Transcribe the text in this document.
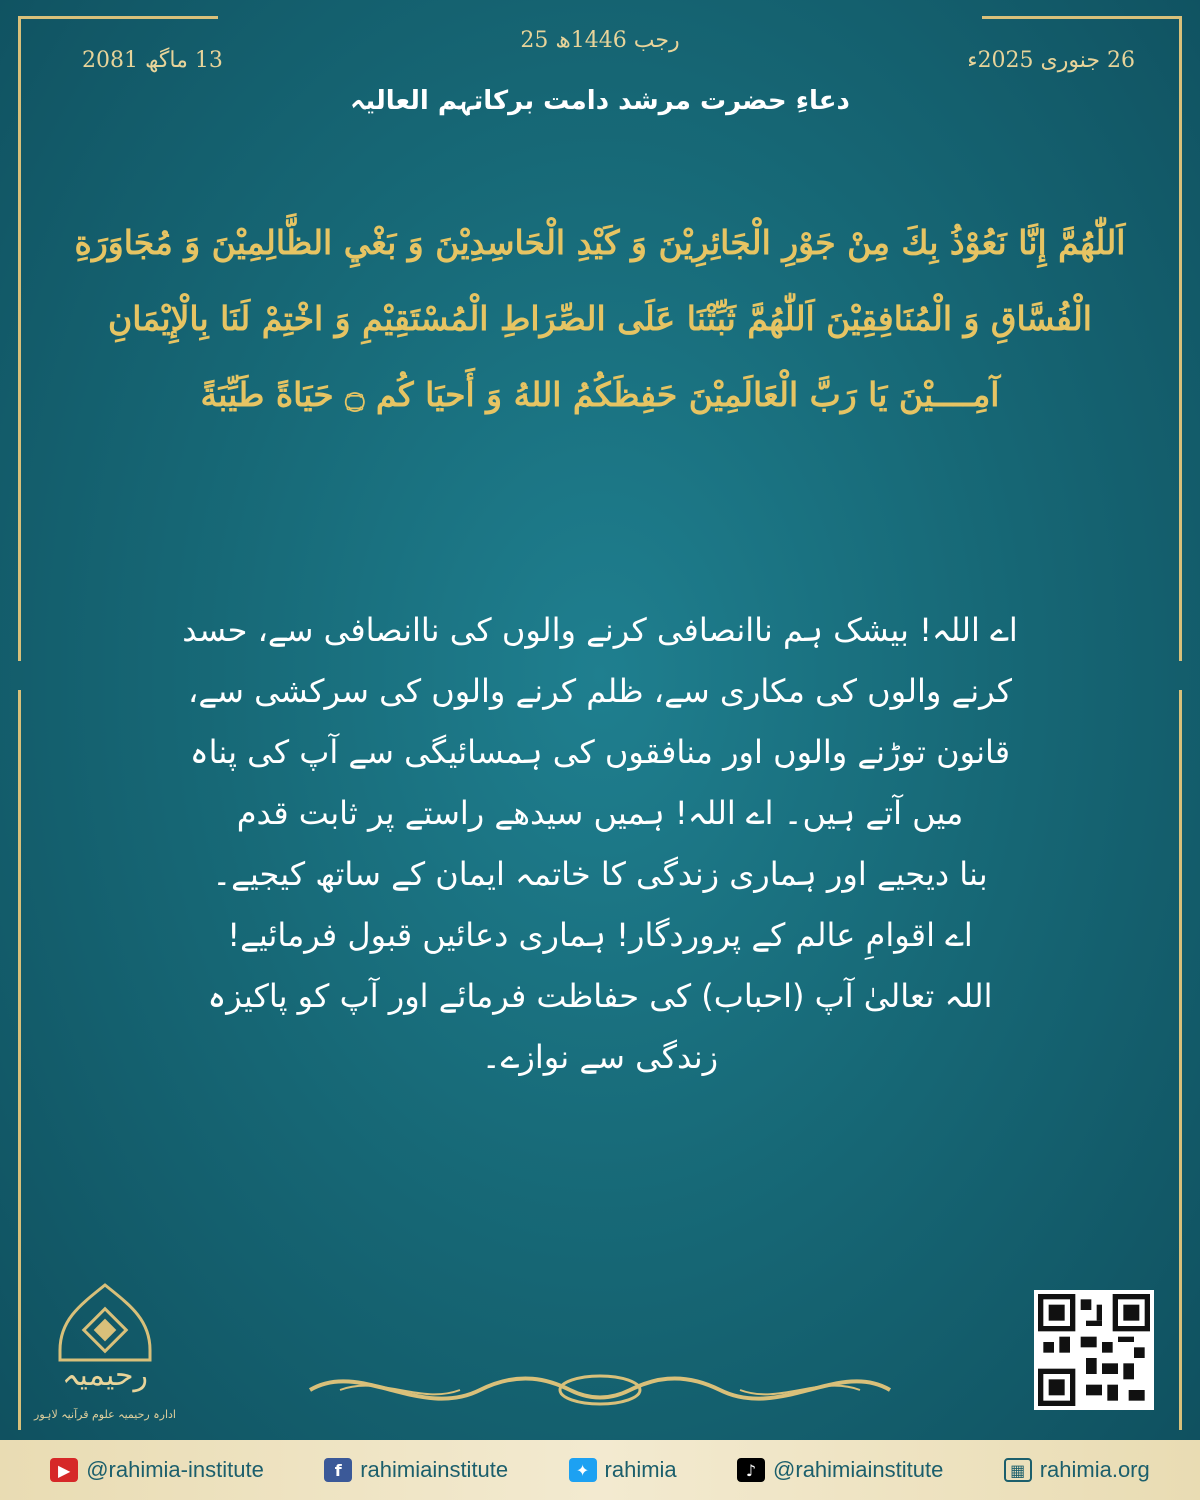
25 رجب 1446ھ
26 جنوری 2025ء
13 ماگھ 2081
دعاءِ حضرت مرشد دامت برکاتہم العالیہ
اَللّٰهُمَّ إِنَّا نَعُوْذُ بِكَ مِنْ جَوْرِ الْجَائِرِيْنَ وَ كَيْدِ الْحَاسِدِيْنَ وَ بَغْيِ الظَّالِمِيْنَ وَ مُجَاوَرَةِ الْفُسَّاقِ وَ الْمُنَافِقِيْنَ اَللّٰهُمَّ ثَبِّتْنَا عَلَى الصِّرَاطِ الْمُسْتَقِيْمِ وَ اخْتِمْ لَنَا بِالْإِيْمَانِ آمِــــيْنَ يَا رَبَّ الْعَالَمِيْنَ حَفِظَكُمُ اللهُ وَ أَحيَا كُم ۝ حَيَاةً طَيِّبَةً

اے اللہ! بیشک ہم ناانصافی کرنے والوں کی ناانصافی سے، حسد

کرنے والوں کی مکاری سے، ظلم کرنے والوں کی سرکشی سے،

قانون توڑنے والوں اور منافقوں کی ہمسائیگی سے آپ کی پناہ

میں آتے ہیں۔ اے اللہ! ہمیں سیدھے راستے پر ثابت قدم

بنا دیجیے اور ہماری زندگی کا خاتمہ ایمان کے ساتھ کیجیے۔

اے اقوامِ عالم کے پروردگار! ہماری دعائیں قبول فرمائیے!

اللہ تعالیٰ آپ (احباب) کی حفاظت فرمائے اور آپ کو پاکیزہ

زندگی سے نوازے۔

رحیمیہ
ادارہ رحیمیہ علوم قرآنیہ لاہور
▶ @rahimia-institute	f rahimiainstitute	✦ rahimia	♪ @rahimiainstitute	▦ rahimia.org
